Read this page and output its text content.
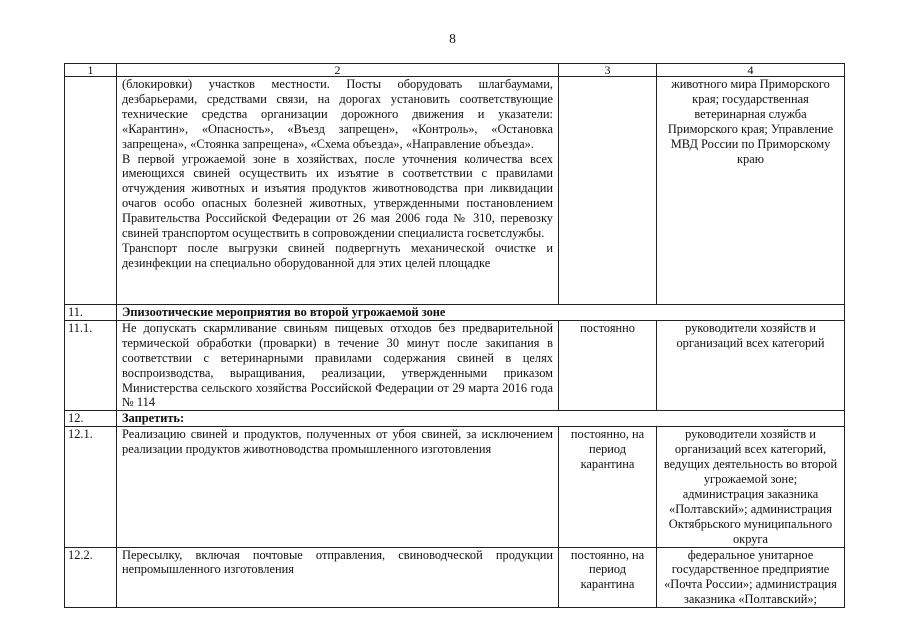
8
1	2	3	4

	(блокировки) участков местности. Посты оборудовать шлагбаумами, дезбарьерами, средствами связи, на дорогах установить соответствующие технические средства организации дорожного движения и указатели: «Карантин», «Опасность», «Въезд запрещен», «Контроль», «Остановка запрещена», «Стоянка запрещена», «Схема объезда», «Направление объезда».
В первой угрожаемой зоне в хозяйствах, после уточнения количества всех имеющихся свиней осуществить их изъятие в соответствии с правилами отчуждения животных и изъятия продуктов животноводства при ликвидации очагов особо опасных болезней животных, утвержденными постановлением Правительства Российской Федерации от 26 мая 2006 года № 310, перевозку свиней транспортом осуществить в сопровождении специалиста госветслужбы.
Транспорт после выгрузки свиней подвергнуть механической очистке и дезинфекции на специально оборудованной для этих целей площадке		животного мира Приморского края; государственная ветеринарная служба Приморского края; Управление МВД России по Приморскому краю
11.	Эпизоотические мероприятия во второй угрожаемой зоне		
11.1.	Не допускать скармливание свиньям пищевых отходов без предварительной термической обработки (проварки) в течение 30 минут после закипания в соответствии с ветеринарными правилами содержания свиней в целях воспроизводства, выращивания, реализации, утвержденными приказом Министерства сельского хозяйства Российской Федерации от 29 марта 2016 года № 114	постоянно	руководители хозяйств и организаций всех категорий
12.	Запретить:		
12.1.	Реализацию свиней и продуктов, полученных от убоя свиней, за исключением реализации продуктов животноводства промышленного изготовления	постоянно, на период карантина	руководители хозяйств и организаций всех категорий, ведущих деятельность во второй угрожаемой зоне; администрация заказника «Полтавский»; администрация Октябрьского муниципального округа
12.2.	Пересылку, включая почтовые отправления, свиноводческой продукции непромышленного изготовления	постоянно, на период карантина	федеральное унитарное государственное предприятие «Почта России»; администрация заказника «Полтавский»;
